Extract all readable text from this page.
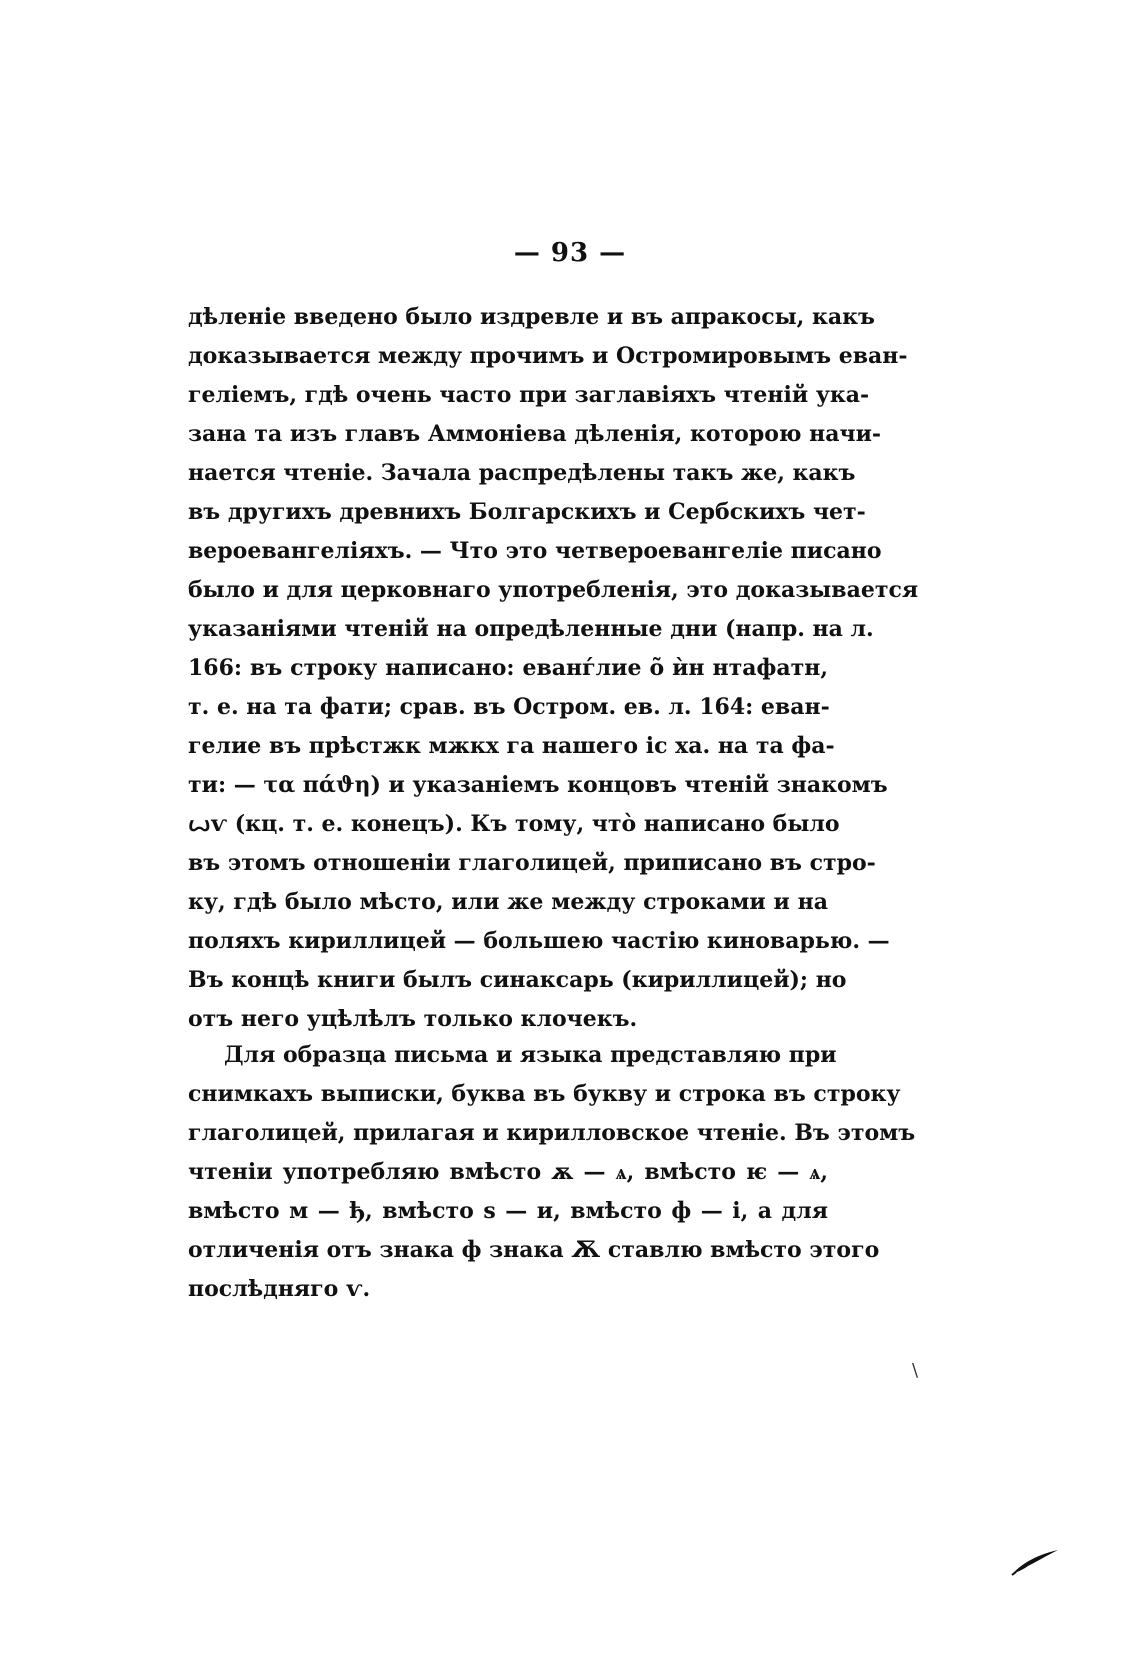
— 93 —
дѣленіе введено было издревле и въ апракосы, какъ
доказывается между прочимъ и Остромировымъ еван-
геліемъ, гдѣ очень часто при заглавіяхъ чтеній ука-
зана та изъ главъ Аммоніева дѣленія, которою начи-
нается чтеніе. Зачала распредѣлены такъ же, какъ
въ другихъ древнихъ Болгарскихъ и Сербскихъ чет-
вероевангеліяхъ. — Что это четвероевангеліе писано
было и для церковнаго употребленія, это доказывается
указаніями чтеній на опредѣленные дни (напр. на л.
166: въ строку написано: еванѓлие о̃ ѝн нтафатн,
т. е. на та фати; срав. въ Остром. ев. л. 164: еван-
гелие въ прѣстжк мжкх га нашего іс ха. на та фа-
ти: — τα πάϑη) и указаніемъ концовъ чтеній знакомъ
ꙍѵ (кц. т. е. конецъ). Къ тому, что̀ написано было
въ этомъ отношеніи глаголицей, приписано въ стро-
ку, гдѣ было мѣсто, или же между строками и на
поляхъ кириллицей — большею частію киноварью. —
Въ концѣ книги былъ синаксарь (кириллицей); но
отъ него уцѣлѣлъ только клочекъ.
Для образца письма и языка представляю при
снимкахъ выписки, буква въ букву и строка въ строку
глаголицей, прилагая и кирилловское чтеніе. Въ этомъ
чтеніи употребляю вмѣсто ѫ — ѧ, вмѣсто ѥ — ѧ,
вмѣсто м — ђ, вмѣсто ѕ — и, вмѣсто ф — і, а для
отличенія отъ знака ф знака Ѫ ставлю вмѣсто этого
послѣдняго ѵ.
\
